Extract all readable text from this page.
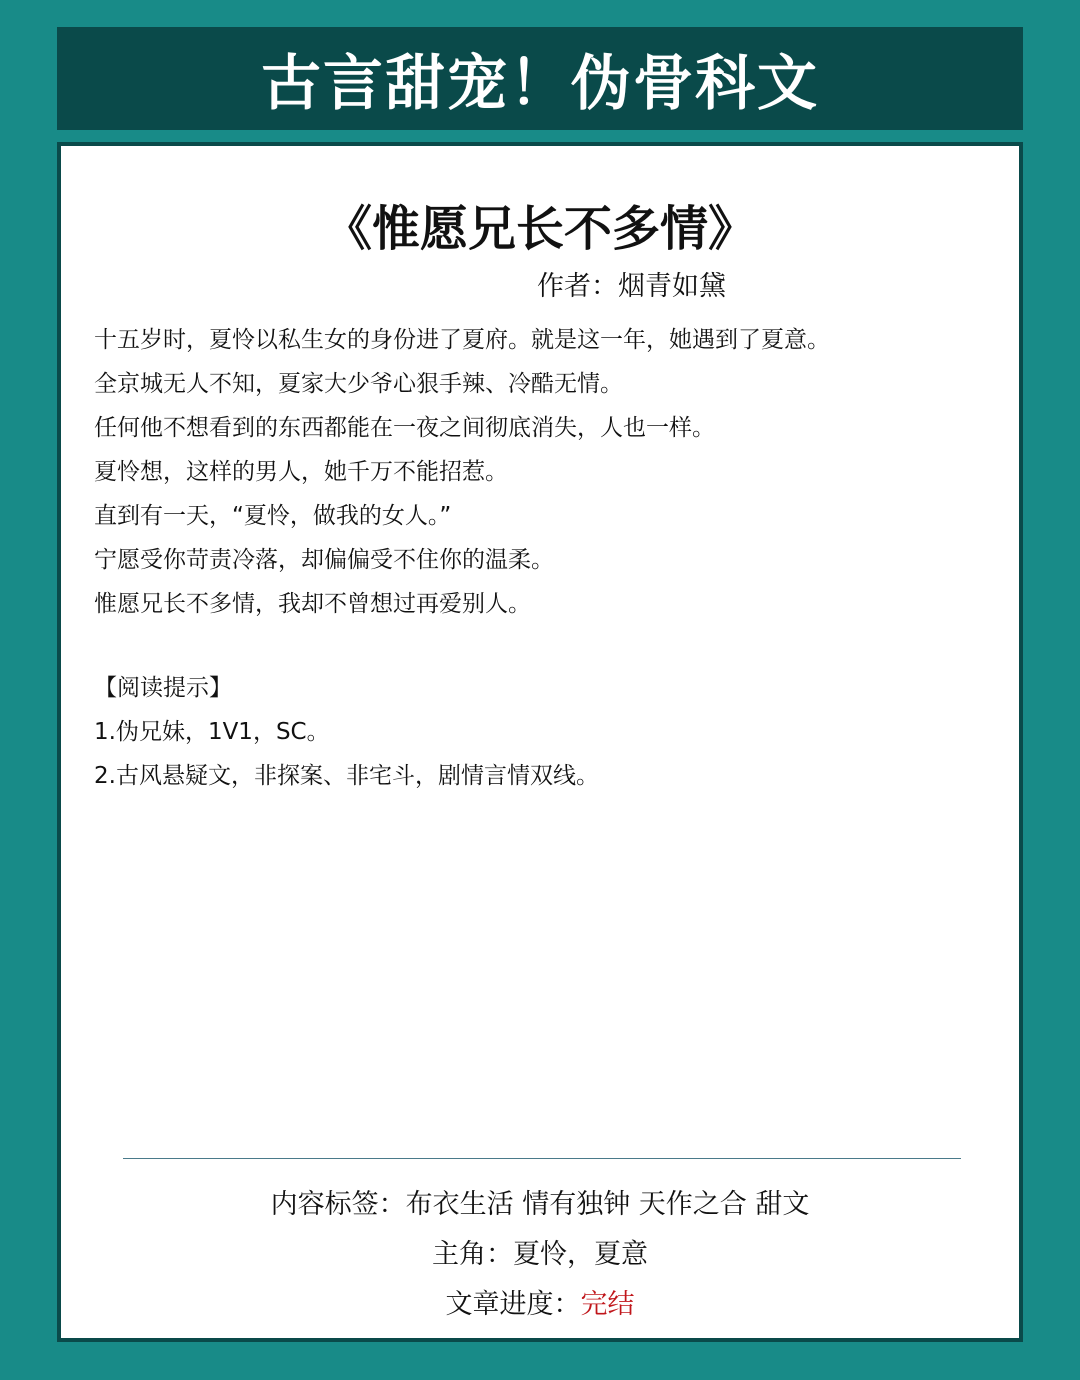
古言甜宠！伪骨科文
《惟愿兄长不多情》
作者：烟青如黛
十五岁时，夏怜以私生女的身份进了夏府。就是这一年，她遇到了夏意。
全京城无人不知，夏家大少爷心狠手辣、冷酷无情。
任何他不想看到的东西都能在一夜之间彻底消失，人也一样。
夏怜想，这样的男人，她千万不能招惹。
直到有一天，“夏怜，做我的女人。”
宁愿受你苛责冷落，却偏偏受不住你的温柔。
惟愿兄长不多情，我却不曾想过再爱别人。
【阅读提示】
1.伪兄妹，1V1，SC。
2.古风悬疑文，非探案、非宅斗，剧情言情双线。
内容标签：布衣生活 情有独钟 天作之合 甜文
主角：夏怜，夏意
文章进度：完结
